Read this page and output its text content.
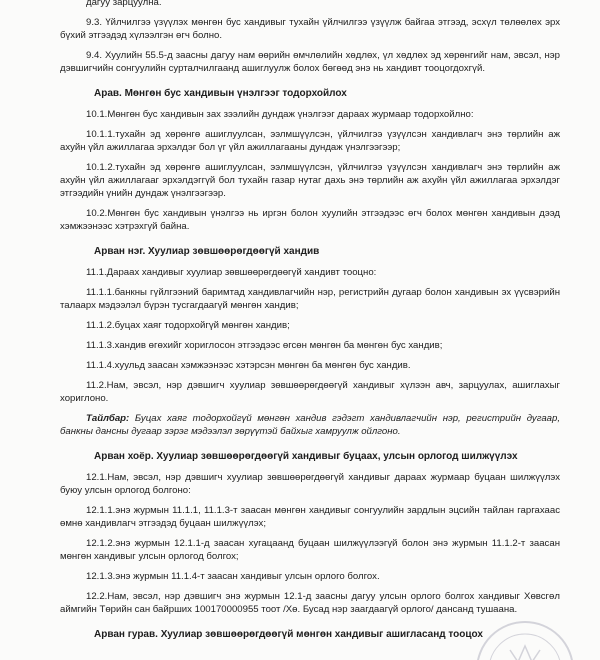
дагуу зарцуулна.

9.3. Үйлчилгээ үзүүлэх мөнгөн бус хандивыг тухайн үйлчилгээ үзүүлж байгаа этгээд, эсхүл төлөөлөх эрх бүхий этгээдэд хүлээлгэн өгч болно.

9.4. Хуулийн 55.5-д заасны дагуу нам өөрийн өмчлөлийн хөдлөх, үл хөдлөх эд хөрөнгийг нам, эвсэл, нэр дэвшигчийн сонгуулийн сурталчилгаанд ашиглуулж болох бөгөөд энэ нь хандивт тооцогдохгүй.

Арав. Мөнгөн бус хандивын үнэлгээг тодорхойлох

10.1.Мөнгөн бус хандивын зах зээлийн дундаж үнэлгээг дараах журмаар тодорхойлно:

10.1.1.тухайн эд хөрөнгө ашиглуулсан, ээлмшүүлсэн, үйлчилгээ үзүүлсэн хандивлагч энэ төрлийн аж ахуйн үйл ажиллагаа эрхэлдэг бол үг үйл ажиллагааны дундаж үнэлгээгээр;

10.1.2.тухайн эд хөрөнгө ашиглуулсан, ээлмшүүлсэн, үйлчилгээ үзүүлсэн хандивлагч энэ төрлийн аж ахуйн үйл ажиллагааг эрхэлдэггүй бол тухайн газар нутаг дахь энэ төрлийн аж ахуйн үйл ажиллагаа эрхэлдэг этгээдийн үнийн дундаж үнэлгээгээр.

10.2.Мөнгөн бус хандивын үнэлгээ нь иргэн болон хуулийн этгээдээс өгч болох мөнгөн хандивын дээд хэмжээнээс хэтрэхгүй байна.

Арван нэг. Хуулиар зөвшөөрөгдөөгүй хандив

11.1.Дараах хандивыг хуулиар зөвшөөрөгдөөгүй хандивт тооцно:

11.1.1.банкны гүйлгээний баримтад хандивлагчийн нэр, регистрийн дугаар болон хандивын эх үүсвэрийн талаарх мэдээлэл бүрэн тусгагдаагүй мөнгөн хандив;

11.1.2.буцах хаяг тодорхойгүй мөнгөн хандив;

11.1.3.хандив өгөхийг хориглосон этгээдээс өгсөн мөнгөн ба мөнгөн бус хандив;

11.1.4.хуульд заасан хэмжээнээс хэтэрсэн мөнгөн ба мөнгөн бус хандив.

11.2.Нам, эвсэл, нэр дэвшигч хуулиар зөвшөөрөгдөөгүй хандивыг хүлээн авч, зарцуулах, ашиглахыг хориглоно.

Тайлбар: Буцах хаяг тодорхойгүй мөнгөн хандив гэдэгт хандивлагчийн нэр, регистрийн дугаар, банкны дансны дугаар зэрэг мэдээлэл зөрүүтэй байхыг хамруулж ойлгоно.

Арван хоёр. Хуулиар зөвшөөрөгдөөгүй хандивыг буцаах, улсын орлогод шилжүүлэх

12.1.Нам, эвсэл, нэр дэвшигч хуулиар зөвшөөрөгдөөгүй хандивыг дараах журмаар буцаан шилжүүлэх буюу улсын орлогод болгоно:

12.1.1.энэ журмын 11.1.1, 11.1.3-т заасан мөнгөн хандивыг сонгуулийн зардлын эцсийн тайлан гаргахаас өмнө хандивлагч этгээдэд буцаан шилжүүлэх;

12.1.2.энэ журмын 12.1.1-д заасан хугацаанд буцаан шилжүүлээгүй болон энэ журмын 11.1.2-т заасан мөнгөн хандивыг улсын орлогод болгох;

12.1.3.энэ журмын 11.1.4-т заасан хандивыг улсын орлого болгох.

12.2.Нам, эвсэл, нэр дэвшигч энэ журмын 12.1-д заасны дагуу улсын орлого болгох хандивыг Хөвсгөл аймгийн Төрийн сан байрших 100170000955 тоот /Хө. Бусад нэр заагдаагүй орлого/ дансанд тушаана.

Арван гурав. Хуулиар зөвшөөрөгдөөгүй мөнгөн хандивыг ашигласанд тооцох
